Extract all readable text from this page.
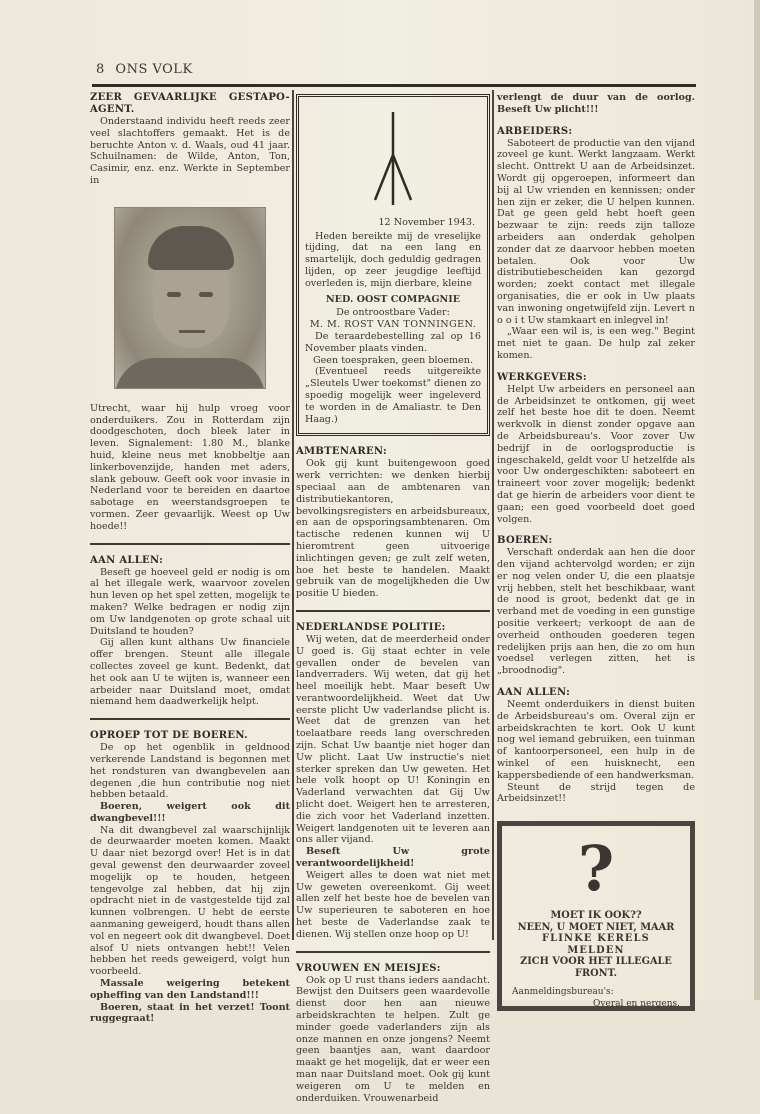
8 ONS VOLK
ZEER GEVAARLIJKE GESTAPO-AGENT.

Onderstaand individu heeft reeds zeer veel slachtoffers gemaakt. Het is de beruchte Anton v. d. Waals, oud 41 jaar. Schuilnamen: de Wilde, Anton, Ton, Casimir, enz. enz. Werkte in September in

Utrecht, waar hij hulp vroeg voor onderduikers. Zou in Rotterdam zijn doodgeschoten, doch bleek later in leven. Signalement: 1.80 M., blanke huid, kleine neus met knobbeltje aan linkerbovenzijde, handen met aders, slank gebouw. Geeft ook voor invasie in Nederland voor te bereiden en daartoe sabotage en weerstandsgroepen te vormen. Zeer gevaarlijk. Weest op Uw hoede!!

AAN ALLEN:

Beseft ge hoeveel geld er nodig is om al het illegale werk, waarvoor zovelen hun leven op het spel zetten, mogelijk te maken? Welke bedragen er nodig zijn om Uw landgenoten op grote schaal uit Duitsland te houden?

Gij allen kunt althans Uw financiele offer brengen. Steunt alle illegale collectes zoveel ge kunt. Bedenkt, dat het ook aan U te wijten is, wanneer een arbeider naar Duitsland moet, omdat niemand hem daadwerkelijk helpt.

OPROEP TOT DE BOEREN.

De op het ogenblik in geldnood verkerende Landstand is begonnen met het rondsturen van dwangbevelen aan degenen ,die hun contributie nog niet hebben betaald.

Boeren, weigert ook dit dwangbevel!!!

Na dit dwangbevel zal waarschijnlijk de deurwaarder moeten komen. Maakt U daar niet bezorgd over! Het is in dat geval gewenst den deurwaarder zoveel mogelijk op te houden, hetgeen tengevolge zal hebben, dat hij zijn opdracht niet in de vastgestelde tijd zal kunnen volbrengen. U hebt de eerste aanmaning geweigerd, houdt thans allen vol en negeert ook dit dwangbevel. Doet alsof U niets ontvangen hebt!! Velen hebben het reeds geweigerd, volgt hun voorbeeld.

Massale weigering betekent opheffing van den Landstand!!!

Boeren, staat in het verzet! Toont ruggegraat!

12 November 1943.

Heden bereikte mij de vreselijke tijding, dat na een lang en smartelijk, doch geduldig gedragen lijden, op zeer jeugdige leeftijd overleden is, mijn dierbare, kleine

NED. OOST COMPAGNIE
De ontroostbare Vader:
M. M. ROST VAN TONNINGEN.

De teraardebestelling zal op 16 November plaats vinden.

Geen toespraken, geen bloemen.

(Eventueel reeds uitgereikte „Sleutels Uwer toekomst" dienen zo spoedig mogelijk weer ingeleverd te worden in de Amaliastr. te Den Haag.)

AMBTENAREN:

Ook gij kunt buitengewoon goed werk verrichten: we denken hierbij speciaal aan de ambtenaren van distributiekantoren, bevolkingsregisters en arbeidsbureaux, en aan de opsporingsambtenaren. Om tactische redenen kunnen wij U hieromtrent geen uitvoerige inlichtingen geven; ge zult zelf weten, hoe het beste te handelen. Maakt gebruik van de mogelijkheden die Uw positie U bieden.

NEDERLANDSE POLITIE:

Wij weten, dat de meerderheid onder U goed is. Gij staat echter in vele gevallen onder de bevelen van landverraders. Wij weten, dat gij het heel moeilijk hebt. Maar beseft Uw verantwoordelijkheid. Weet dat Uw eerste plicht Uw vaderlandse plicht is. Weet dat de grenzen van het toelaatbare reeds lang overschreden zijn. Schat Uw baantje niet hoger dan Uw plicht. Laat Uw instructie's niet sterker spreken dan Uw geweten. Het hele volk hoopt op U! Koningin en Vaderland verwachten dat Gij Uw plicht doet. Weigert hen te arresteren, die zich voor het Vaderland inzetten. Weigert landgenoten uit te leveren aan ons aller vijand.

Beseft Uw grote verantwoordelijkheid!

Weigert alles te doen wat niet met Uw geweten overeenkomt. Gij weet allen zelf het beste hoe de bevelen van Uw superieuren te saboteren en hoe het beste de Vaderlandse zaak te dienen. Wij stellen onze hoop op U!

VROUWEN EN MEISJES:

Ook op U rust thans ieders aandacht. Bewijst den Duitsers geen waardevolle dienst door hen aan nieuwe arbeidskrachten te helpen. Zult ge minder goede vaderlanders zijn als onze mannen en onze jongens? Neemt geen baantjes aan, want daardoor maakt ge het mogelijk, dat er weer een man naar Duitsland moet. Ook gij kunt weigeren om U te melden en onderduiken. Vrouwenarbeid

verlengt de duur van de oorlog. Beseft Uw plicht!!!

ARBEIDERS:

Saboteert de productie van den vijand zoveel ge kunt. Werkt langzaam. Werkt slecht. Onttrekt U aan de Arbeidsinzet. Wordt gij opgeroepen, informeert dan bij al Uw vrienden en kennissen; onder hen zijn er zeker, die U helpen kunnen. Dat ge geen geld hebt hoeft geen bezwaar te zijn: reeds zijn talloze arbeiders aan onderdak geholpen zonder dat ze daarvoor hebben moeten betalen. Ook voor Uw distributiebescheiden kan gezorgd worden; zoekt contact met illegale organisaties, die er ook in Uw plaats van inwoning ongetwijfeld zijn. Levert n o o i t Uw stamkaart en inlegvel in!

„Waar een wil is, is een weg." Begint met niet te gaan. De hulp zal zeker komen.

WERKGEVERS:

Helpt Uw arbeiders en personeel aan de Arbeidsinzet te ontkomen, gij weet zelf het beste hoe dit te doen. Neemt werkvolk in dienst zonder opgave aan de Arbeidsbureau's. Voor zover Uw bedrijf in de oorlogsproductie is ingeschakeld, geldt voor U hetzelfde als voor Uw ondergeschikten: saboteert en traineert voor zover mogelijk; bedenkt dat ge hierin de arbeiders voor dient te gaan; een goed voorbeeld doet goed volgen.

BOEREN:

Verschaft onderdak aan hen die door den vijand achtervolgd worden; er zijn er nog velen onder U, die een plaatsje vrij hebben, stelt het beschikbaar, want de nood is groot, bedenkt dat ge in verband met de voeding in een gunstige positie verkeert; verkoopt de aan de overheid onthouden goederen tegen redelijken prijs aan hen, die zo om hun voedsel verlegen zitten, het is „broodnodig".

AAN ALLEN:

Neemt onderduikers in dienst buiten de Arbeidsbureau's om. Overal zijn er arbeidskrachten te kort. Ook U kunt nog wel iemand gebruiken, een tuinman of kantoorpersoneel, een hulp in de winkel of een huisknecht, een kappersbediende of een handwerksman.

Steunt de strijd tegen de Arbeidsinzet!!

?
MOET IK OOK??
NEEN, U MOET NIET, MAAR
FLINKE KERELS MELDEN
ZICH VOOR HET ILLEGALE
FRONT.
Aanmeldingsbureau's:
Overal en nergens.
